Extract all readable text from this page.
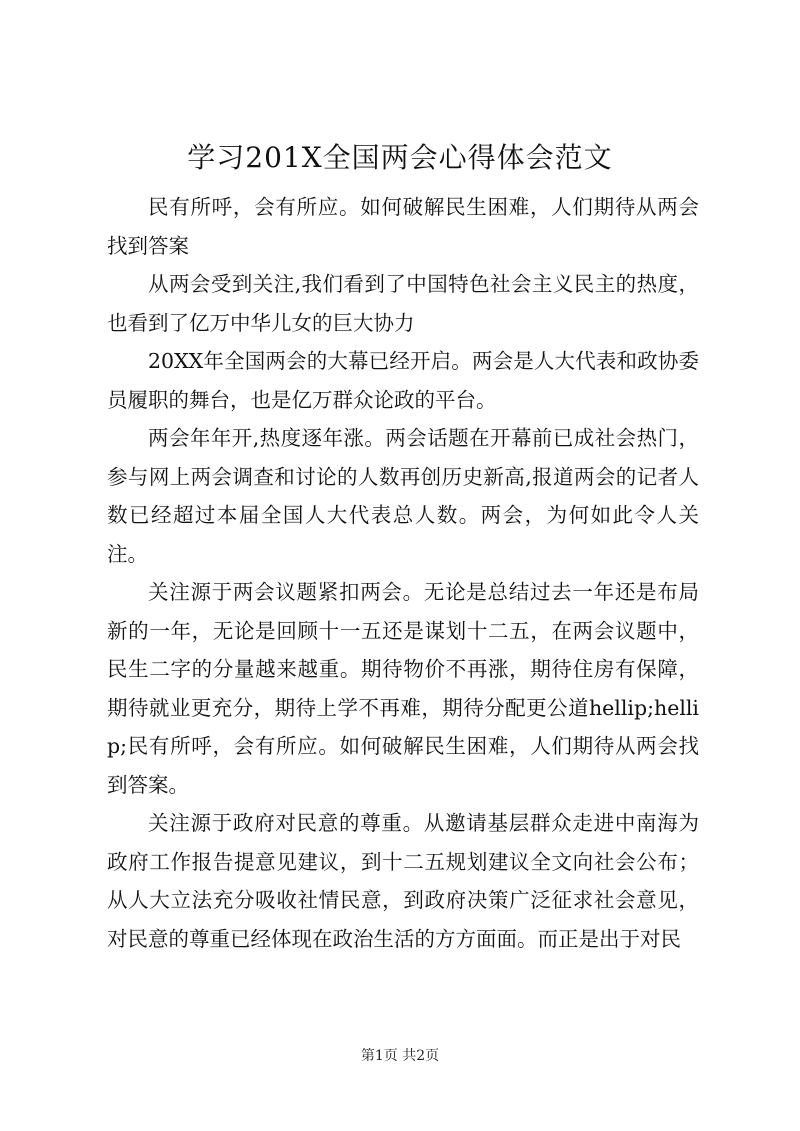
学习201X全国两会心得体会范文

民有所呼，会有所应。如何破解民生困难，人们期待从两会找到答案

从两会受到关注,我们看到了中国特色社会主义民主的热度，也看到了亿万中华儿女的巨大协力

20XX年全国两会的大幕已经开启。两会是人大代表和政协委员履职的舞台，也是亿万群众论政的平台。

两会年年开,热度逐年涨。两会话题在开幕前已成社会热门，参与网上两会调查和讨论的人数再创历史新高,报道两会的记者人数已经超过本届全国人大代表总人数。两会，为何如此令人关注。

关注源于两会议题紧扣两会。无论是总结过去一年还是布局新的一年，无论是回顾十一五还是谋划十二五，在两会议题中，民生二字的分量越来越重。期待物价不再涨，期待住房有保障，期待就业更充分，期待上学不再难，期待分配更公道hellip;hellip;民有所呼，会有所应。如何破解民生困难，人们期待从两会找到答案。

关注源于政府对民意的尊重。从邀请基层群众走进中南海为政府工作报告提意见建议，到十二五规划建议全文向社会公布；从人大立法充分吸收社情民意，到政府决策广泛征求社会意见，对民意的尊重已经体现在政治生活的方方面面。而正是出于对民

第1页 共2页
